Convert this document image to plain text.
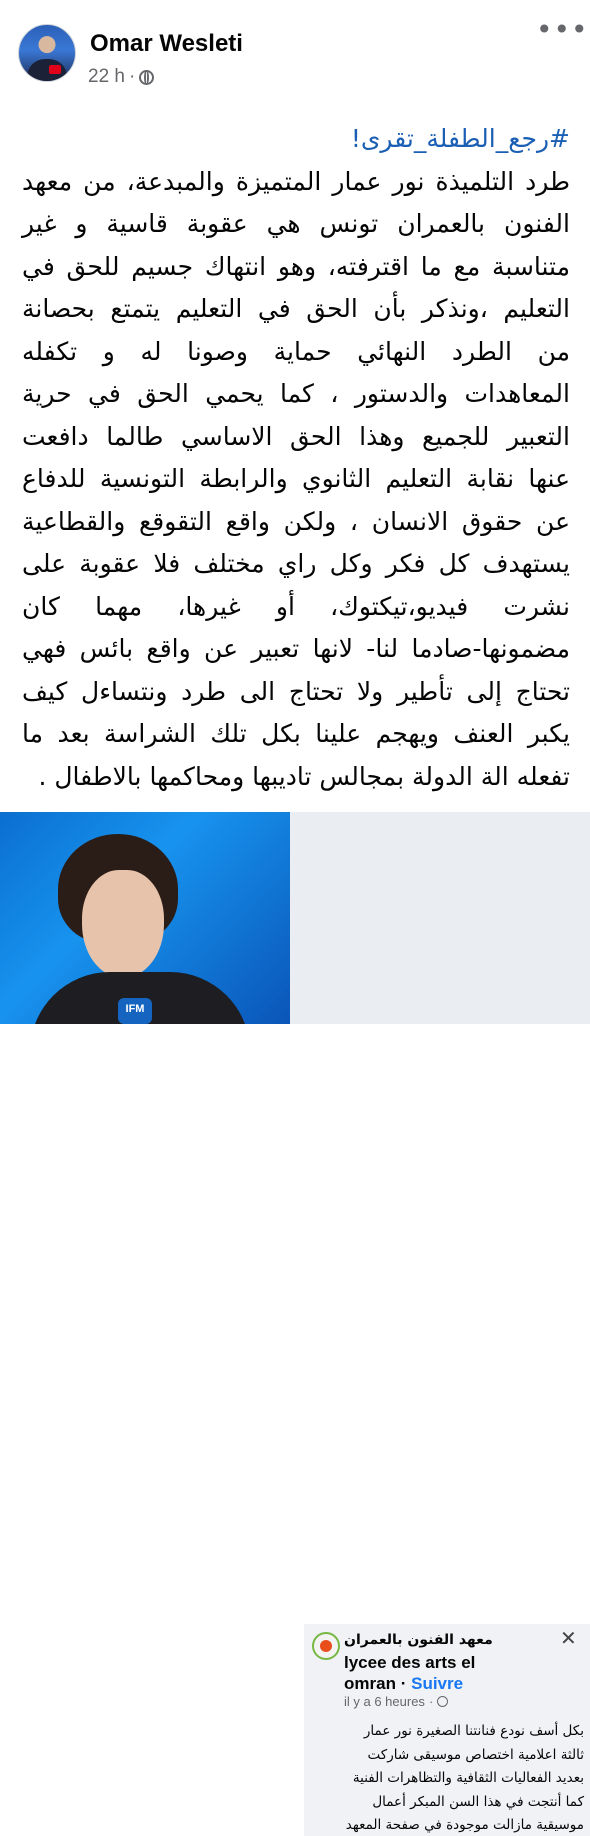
Omar Wesleti
22 h ·
•••
#رجع_الطفلة_تقرى!
طرد التلميذة نور عمار المتميزة والمبدعة، من معهد
الفنون بالعمران تونس هي عقوبة قاسية و غير
متناسبة مع ما اقترفته، وهو انتهاك جسيم للحق في
التعليم ،ونذكر بأن الحق في التعليم يتمتع بحصانة
من الطرد النهائي حماية وصونا له و تكفله
المعاهدات والدستور ، كما يحمي الحق في حرية
التعبير للجميع وهذا الحق الاساسي طالما دافعت
عنها نقابة التعليم الثانوي والرابطة التونسية للدفاع
عن حقوق الانسان ، ولكن واقع التقوقع والقطاعية
يستهدف كل فكر وكل راي مختلف فلا عقوبة على
نشرت فيديو،تيكتوك، أو غيرها، مهما كان
مضمونها-صادما لنا- لانها تعبير عن واقع بائس فهي
تحتاج إلى تأطير ولا تحتاج الى طرد ونتساءل كيف
يكبر العنف ويهجم علينا بكل تلك الشراسة بعد ما
تفعله الة الدولة بمجالس تاديبها ومحاكمها بالاطفال .
IFM
✕
معهد الفنون بالعمران
lycee des arts el omran · Suivre
il y a 6 heures ·
بكل أسف نودع فنانتنا الصغيرة نور عمار
ثالثة اعلامية اختصاص موسيقى شاركت
بعديد الفعاليات الثقافية والتظاهرات الفنية
كما أنتجت في هذا السن المبكر أعمال
موسيقية مازالت موجودة في صفحة المعهد
